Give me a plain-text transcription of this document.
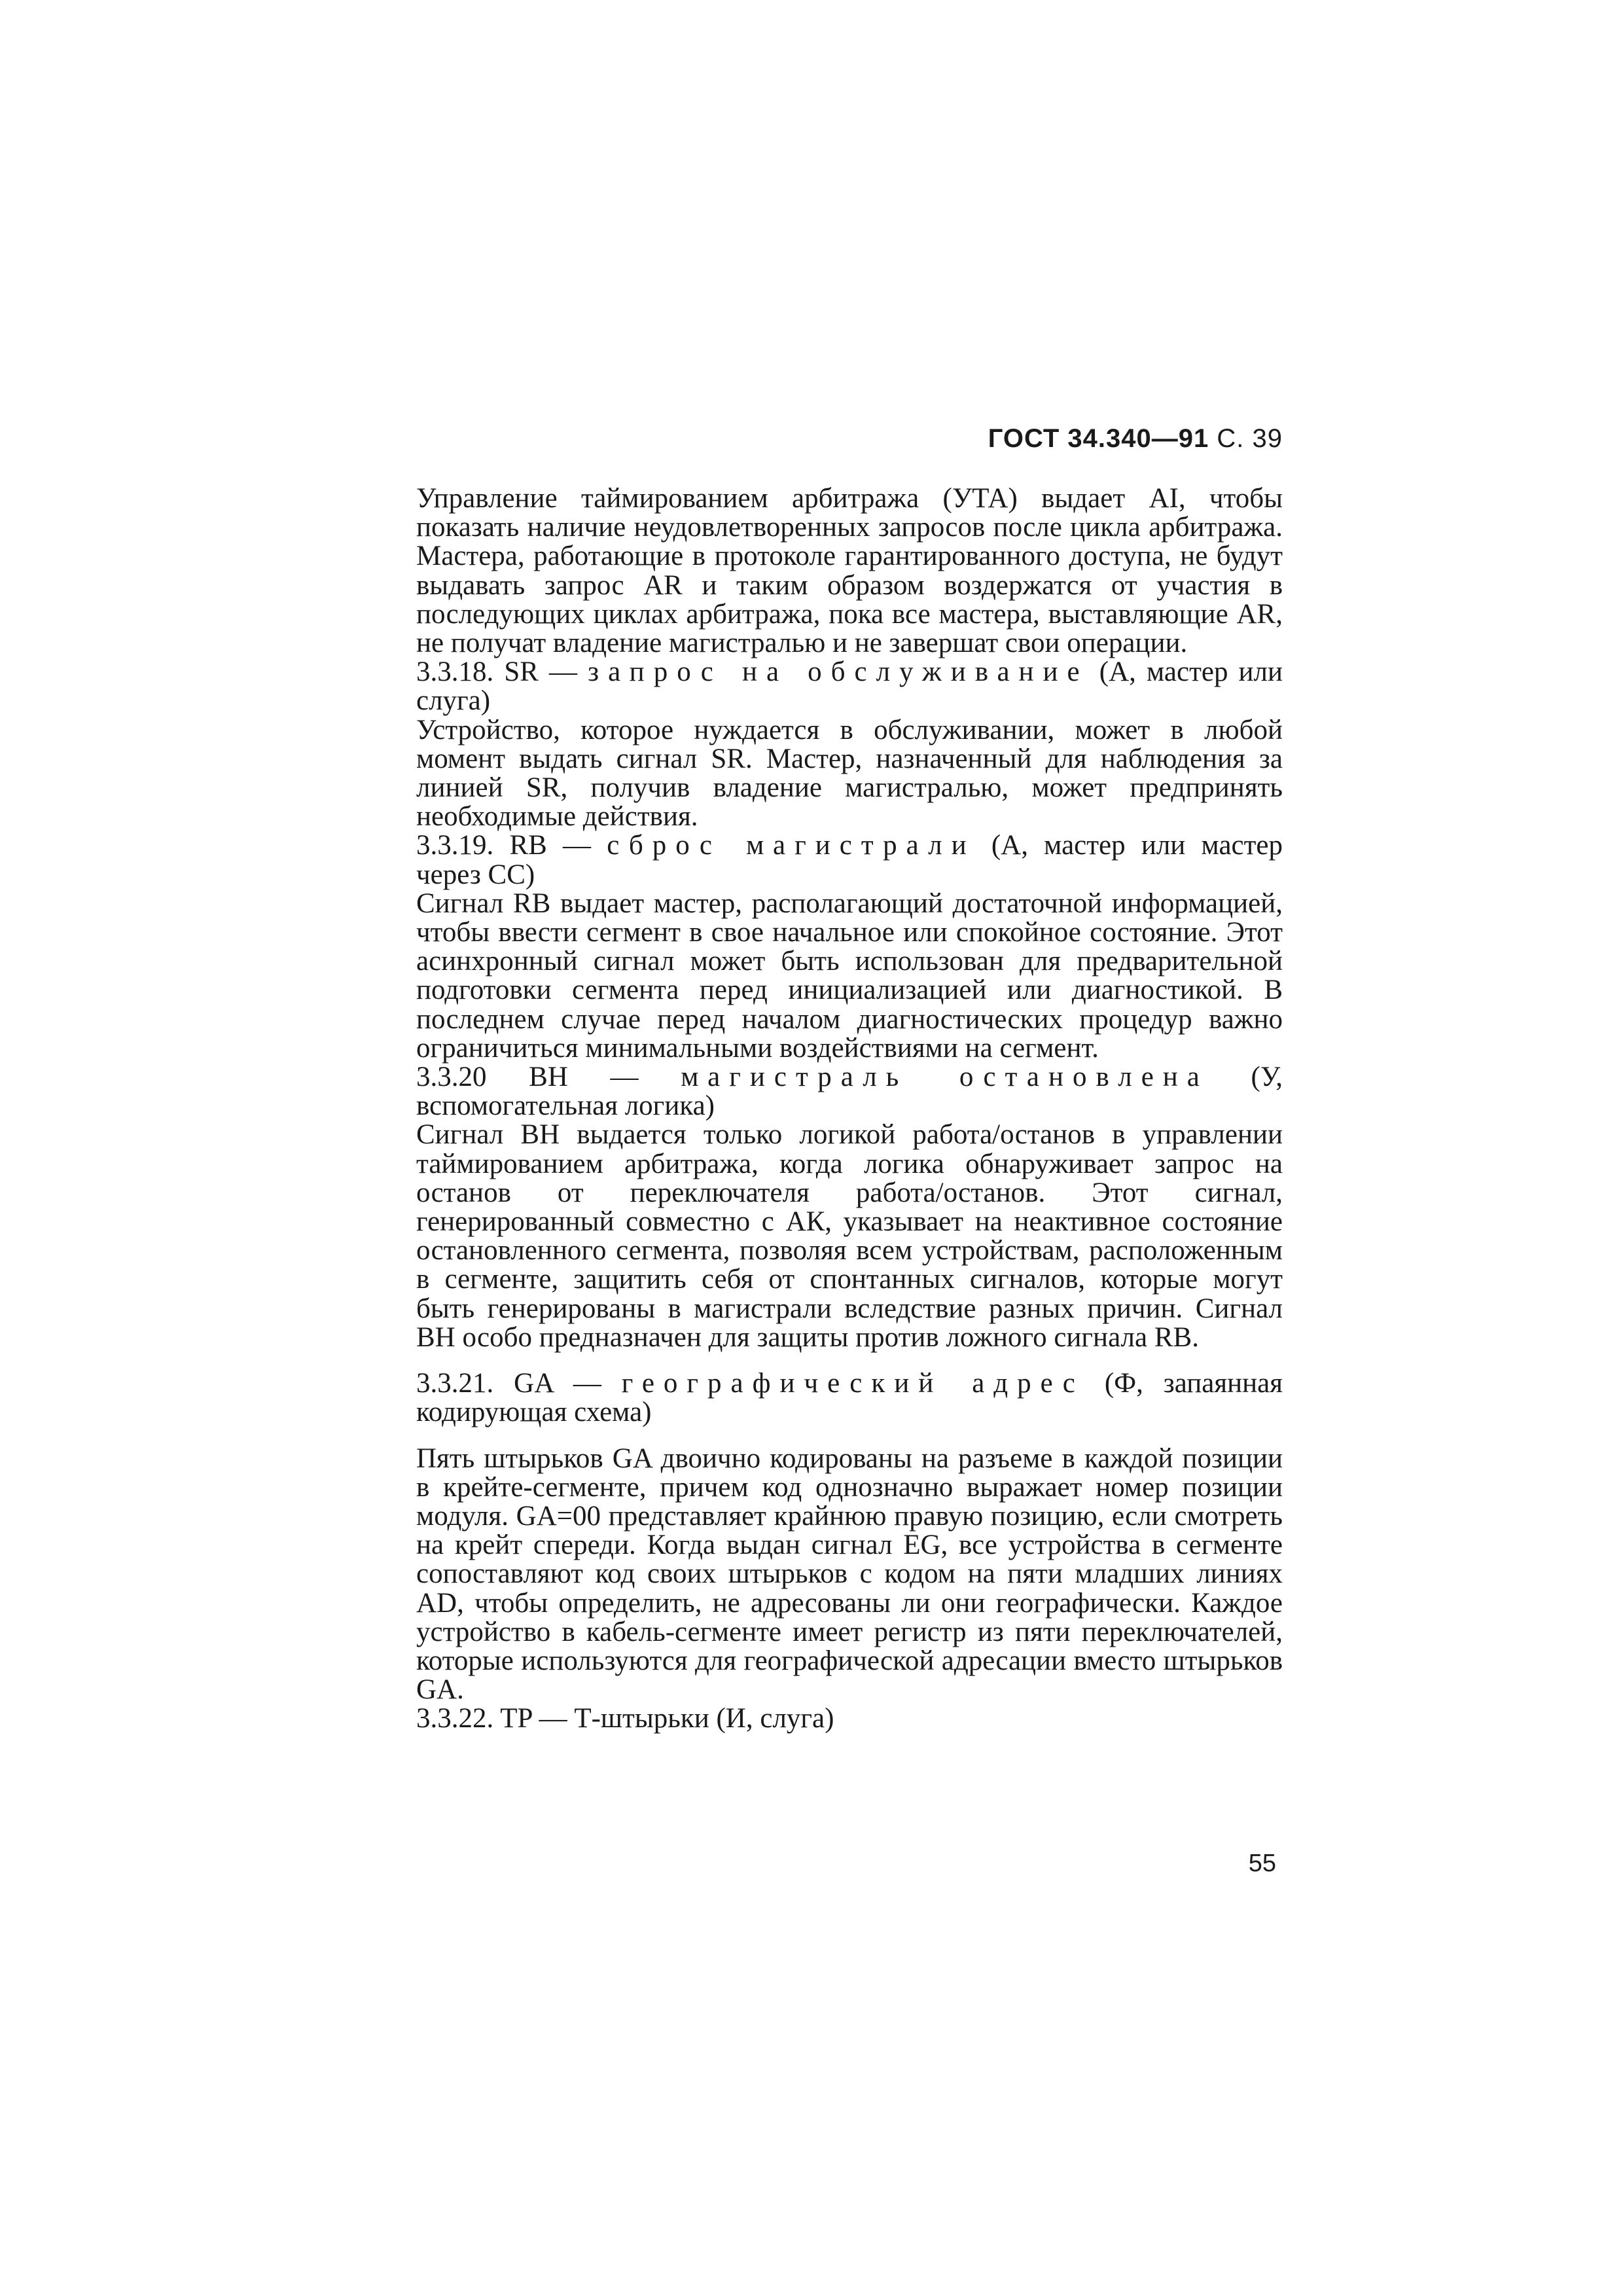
ГОСТ 34.340—91 С. 39

Управление таймированием арбитража (УТА) выдает AI, чтобы показать наличие неудовлетворенных запросов после цикла арбитража. Мастера, работающие в протоколе гарантированного доступа, не будут выдавать запрос AR и таким образом воздержатся от участия в последующих циклах арбитража, пока все мастера, выставляющие AR, не получат владение магистралью и не завершат свои операции.

3.3.18. SR — запрос на обслуживание (А, мастер или слуга)

Устройство, которое нуждается в обслуживании, может в любой момент выдать сигнал SR. Мастер, назначенный для наблюдения за линией SR, получив владение магистралью, может предпринять необходимые действия.

3.3.19. RB — сброс магистрали (А, мастер или мастер через СС)

Сигнал RB выдает мастер, располагающий достаточной информацией, чтобы ввести сегмент в свое начальное или спокойное состояние. Этот асинхронный сигнал может быть использован для предварительной подготовки сегмента перед инициализацией или диагностикой. В последнем случае перед началом диагностических процедур важно ограничиться минимальными воздействиями на сегмент.

3.3.20 ВН — магистраль остановлена (У, вспомогательная логика)

Сигнал ВН выдается только логикой работа/останов в управлении таймированием арбитража, когда логика обнаруживает запрос на останов от переключателя работа/останов. Этот сигнал, генерированный совместно с АК, указывает на неактивное состояние остановленного сегмента, позволяя всем устройствам, расположенным в сегменте, защитить себя от спонтанных сигналов, которые могут быть генерированы в магистрали вследствие разных причин. Сигнал ВН особо предназначен для защиты против ложного сигнала RB.

3.3.21. GA — географический адрес (Ф, запаянная кодирующая схема)

Пять штырьков GA двоично кодированы на разъеме в каждой позиции в крейте-сегменте, причем код однозначно выражает номер позиции модуля. GA=00 представляет крайнюю правую позицию, если смотреть на крейт спереди. Когда выдан сигнал EG, все устройства в сегменте сопоставляют код своих штырьков с кодом на пяти младших линиях AD, чтобы определить, не адресованы ли они географически. Каждое устройство в кабель-сегменте имеет регистр из пяти переключателей, которые используются для географической адресации вместо штырьков GA.

3.3.22. TP — Т-штырьки (И, слуга)

55
